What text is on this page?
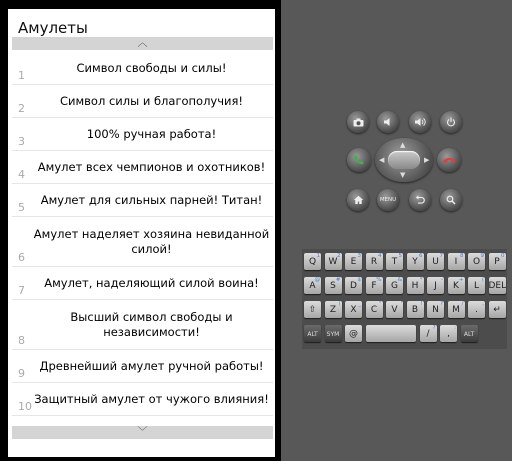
Амулеты
︿
1
Символ свободы и силы!
2
Символ силы и благополучия!
3
100% ручная работа!
4
Амулет всех чемпионов и охотников!
5
Амулет для сильных парней! Титан!
6
Амулет наделяет хозяина невиданной силой!
7
Амулет, наделяющий силой воина!
8
Высший символ свободы и независимости!
9
Древнейший амулет ручной работы!
10
Защитный амулет от чужого влияния!
﹀
▲
▼
◀	▶
MENU
Q
1
W
2
E
3
R
4
T
5
Y
6
U
7
I
8
O
9
P
0
A
@
S
#
D
$
F
%
G
&
H
*
J
-
K
+
L
(
DEL
⇧	Z
)
X
_
C
"
V
'
B
!
N
?
M
/
.
,
↵
ALT	SYM	@	/
?
,
:
ALT
